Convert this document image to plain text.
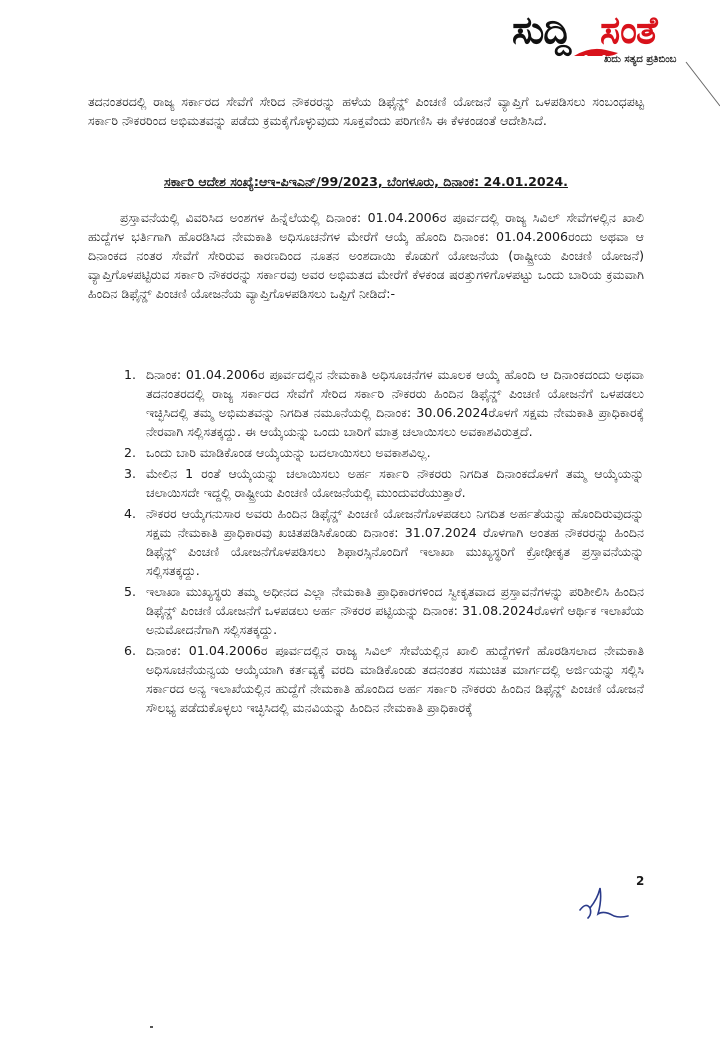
ಸುದ್ದಿ ಸಂತೆ
ಖದು ಸತ್ಯದ ಪ್ರತಿಬಿಂಬ
ತದನಂತರದಲ್ಲಿ ರಾಜ್ಯ ಸರ್ಕಾರದ ಸೇವೆಗೆ ಸೇರಿದ ನೌಕರರನ್ನು ಹಳೆಯ ಡಿಫೈನ್ಡ್ ಪಿಂಚಣಿ ಯೋಜನೆ ವ್ಯಾಪ್ತಿಗೆ ಒಳಪಡಿಸಲು ಸಂಬಂಧಪಟ್ಟ ಸರ್ಕಾರಿ ನೌಕರರಿಂದ ಅಭಿಮತವನ್ನು ಪಡೆದು ಕ್ರಮಕೈಗೊಳ್ಳುವುದು ಸೂಕ್ತವೆಂದು ಪರಿಗಣಿಸಿ ಈ ಕೆಳಕಂಡಂತೆ ಆದೇಶಿಸಿದೆ.
ಸರ್ಕಾರಿ ಆದೇಶ ಸಂಖ್ಯೆ:ಆಇ-ಪಿಇಎನ್/99/2023, ಬೆಂಗಳೂರು, ದಿನಾಂಕ: 24.01.2024.
ಪ್ರಸ್ತಾವನೆಯಲ್ಲಿ ವಿವರಿಸಿದ ಅಂಶಗಳ ಹಿನ್ನೆಲೆಯಲ್ಲಿ ದಿನಾಂಕ: 01.04.2006ರ ಪೂರ್ವದಲ್ಲಿ ರಾಜ್ಯ ಸಿವಿಲ್ ಸೇವೆಗಳಲ್ಲಿನ ಖಾಲಿ ಹುದ್ದೆಗಳ ಭರ್ತಿಗಾಗಿ ಹೊರಡಿಸಿದ ನೇಮಕಾತಿ ಅಧಿಸೂಚನೆಗಳ ಮೇರೆಗೆ ಆಯ್ಕೆ ಹೊಂದಿ ದಿನಾಂಕ: 01.04.2006ರಂದು ಅಥವಾ ಆ ದಿನಾಂಕದ ನಂತರ ಸೇವೆಗೆ ಸೇರಿರುವ ಕಾರಣದಿಂದ ನೂತನ ಅಂಶದಾಯಿ ಕೊಡುಗೆ ಯೋಜನೆಯ (ರಾಷ್ಟ್ರೀಯ ಪಿಂಚಣಿ ಯೋಜನೆ) ವ್ಯಾಪ್ತಿಗೊಳಪಟ್ಟಿರುವ ಸರ್ಕಾರಿ ನೌಕರರನ್ನು ಸರ್ಕಾರವು ಅವರ ಅಭಿಮತದ ಮೇರೆಗೆ ಕೆಳಕಂಡ ಷರತ್ತುಗಳಿಗೊಳಪಟ್ಟು ಒಂದು ಬಾರಿಯ ಕ್ರಮವಾಗಿ ಹಿಂದಿನ ಡಿಫೈನ್ಡ್ ಪಿಂಚಣಿ ಯೋಜನೆಯ ವ್ಯಾಪ್ತಿಗೊಳಪಡಿಸಲು ಒಪ್ಪಿಗೆ ನೀಡಿದೆ:-
1. ದಿನಾಂಕ: 01.04.2006ರ ಪೂರ್ವದಲ್ಲಿನ ನೇಮಕಾತಿ ಅಧಿಸೂಚನೆಗಳ ಮೂಲಕ ಆಯ್ಕೆ ಹೊಂದಿ ಆ ದಿನಾಂಕದಂದು ಅಥವಾ ತದನಂತರದಲ್ಲಿ ರಾಜ್ಯ ಸರ್ಕಾರದ ಸೇವೆಗೆ ಸೇರಿದ ಸರ್ಕಾರಿ ನೌಕರರು ಹಿಂದಿನ ಡಿಫೈನ್ಡ್ ಪಿಂಚಣಿ ಯೋಜನೆಗೆ ಒಳಪಡಲು ಇಚ್ಛಿಸಿದಲ್ಲಿ ತಮ್ಮ ಅಭಿಮತವನ್ನು ನಿಗದಿತ ನಮೂನೆಯಲ್ಲಿ ದಿನಾಂಕ: 30.06.2024ರೊಳಗೆ ಸಕ್ಷಮ ನೇಮಕಾತಿ ಪ್ರಾಧಿಕಾರಕ್ಕೆ ನೇರವಾಗಿ ಸಲ್ಲಿಸತಕ್ಕದ್ದು. ಈ ಆಯ್ಕೆಯನ್ನು ಒಂದು ಬಾರಿಗೆ ಮಾತ್ರ ಚಲಾಯಿಸಲು ಅವಕಾಶವಿರುತ್ತದೆ.
2. ಒಂದು ಬಾರಿ ಮಾಡಿಕೊಂಡ ಆಯ್ಕೆಯನ್ನು ಬದಲಾಯಿಸಲು ಅವಕಾಶವಿಲ್ಲ.
3. ಮೇಲಿನ 1 ರಂತೆ ಆಯ್ಕೆಯನ್ನು ಚಲಾಯಿಸಲು ಅರ್ಹ ಸರ್ಕಾರಿ ನೌಕರರು ನಿಗದಿತ ದಿನಾಂಕದೊಳಗೆ ತಮ್ಮ ಆಯ್ಕೆಯನ್ನು ಚಲಾಯಿಸದೇ ಇದ್ದಲ್ಲಿ ರಾಷ್ಟ್ರೀಯ ಪಿಂಚಣಿ ಯೋಜನೆಯಲ್ಲಿ ಮುಂದುವರೆಯುತ್ತಾರೆ.
4. ನೌಕರರ ಆಯ್ಕೆಗನುಸಾರ ಅವರು ಹಿಂದಿನ ಡಿಫೈನ್ಡ್ ಪಿಂಚಣಿ ಯೋಜನೆಗೊಳಪಡಲು ನಿಗದಿತ ಅರ್ಹತೆಯನ್ನು ಹೊಂದಿರುವುದನ್ನು ಸಕ್ಷಮ ನೇಮಕಾತಿ ಪ್ರಾಧಿಕಾರವು ಖಚಿತಪಡಿಸಿಕೊಂಡು ದಿನಾಂಕ: 31.07.2024 ರೊಳಗಾಗಿ ಅಂತಹ ನೌಕರರನ್ನು ಹಿಂದಿನ ಡಿಫೈನ್ಡ್ ಪಿಂಚಣಿ ಯೋಜನೆಗೊಳಪಡಿಸಲು ಶಿಫಾರಸ್ಸಿನೊಂದಿಗೆ ಇಲಾಖಾ ಮುಖ್ಯಸ್ಥರಿಗೆ ಕ್ರೋಢೀಕೃತ ಪ್ರಸ್ತಾವನೆಯನ್ನು ಸಲ್ಲಿಸತಕ್ಕದ್ದು.
5. ಇಲಾಖಾ ಮುಖ್ಯಸ್ಥರು ತಮ್ಮ ಅಧೀನದ ಎಲ್ಲಾ ನೇಮಕಾತಿ ಪ್ರಾಧಿಕಾರಗಳಿಂದ ಸ್ವೀಕೃತವಾದ ಪ್ರಸ್ತಾವನೆಗಳನ್ನು ಪರಿಶೀಲಿಸಿ ಹಿಂದಿನ ಡಿಫೈನ್ಡ್ ಪಿಂಚಣಿ ಯೋಜನೆಗೆ ಒಳಪಡಲು ಅರ್ಹ ನೌಕರರ ಪಟ್ಟಿಯನ್ನು ದಿನಾಂಕ: 31.08.2024ರೊಳಗೆ ಆರ್ಥಿಕ ಇಲಾಖೆಯ ಅನುಮೋದನೆಗಾಗಿ ಸಲ್ಲಿಸತಕ್ಕದ್ದು.
6. ದಿನಾಂಕ: 01.04.2006ರ ಪೂರ್ವದಲ್ಲಿನ ರಾಜ್ಯ ಸಿವಿಲ್ ಸೇವೆಯಲ್ಲಿನ ಖಾಲಿ ಹುದ್ದೆಗಳಿಗೆ ಹೊರಡಿಸಲಾದ ನೇಮಕಾತಿ ಅಧಿಸೂಚನೆಯನ್ವಯ ಆಯ್ಕೆಯಾಗಿ ಕರ್ತವ್ಯಕ್ಕೆ ವರದಿ ಮಾಡಿಕೊಂಡು ತದನಂತರ ಸಮುಚಿತ ಮಾರ್ಗದಲ್ಲಿ ಅರ್ಜಿಯನ್ನು ಸಲ್ಲಿಸಿ ಸರ್ಕಾರದ ಅನ್ಯ ಇಲಾಖೆಯಲ್ಲಿನ ಹುದ್ದೆಗೆ ನೇಮಕಾತಿ ಹೊಂದಿದ ಅರ್ಹ ಸರ್ಕಾರಿ ನೌಕರರು ಹಿಂದಿನ ಡಿಫೈನ್ಡ್ ಪಿಂಚಣಿ ಯೋಜನೆ ಸೌಲಭ್ಯ ಪಡೆದುಕೊಳ್ಳಲು ಇಚ್ಛಿಸಿದಲ್ಲಿ ಮನವಿಯನ್ನು ಹಿಂದಿನ ನೇಮಕಾತಿ ಪ್ರಾಧಿಕಾರಕ್ಕೆ
2
